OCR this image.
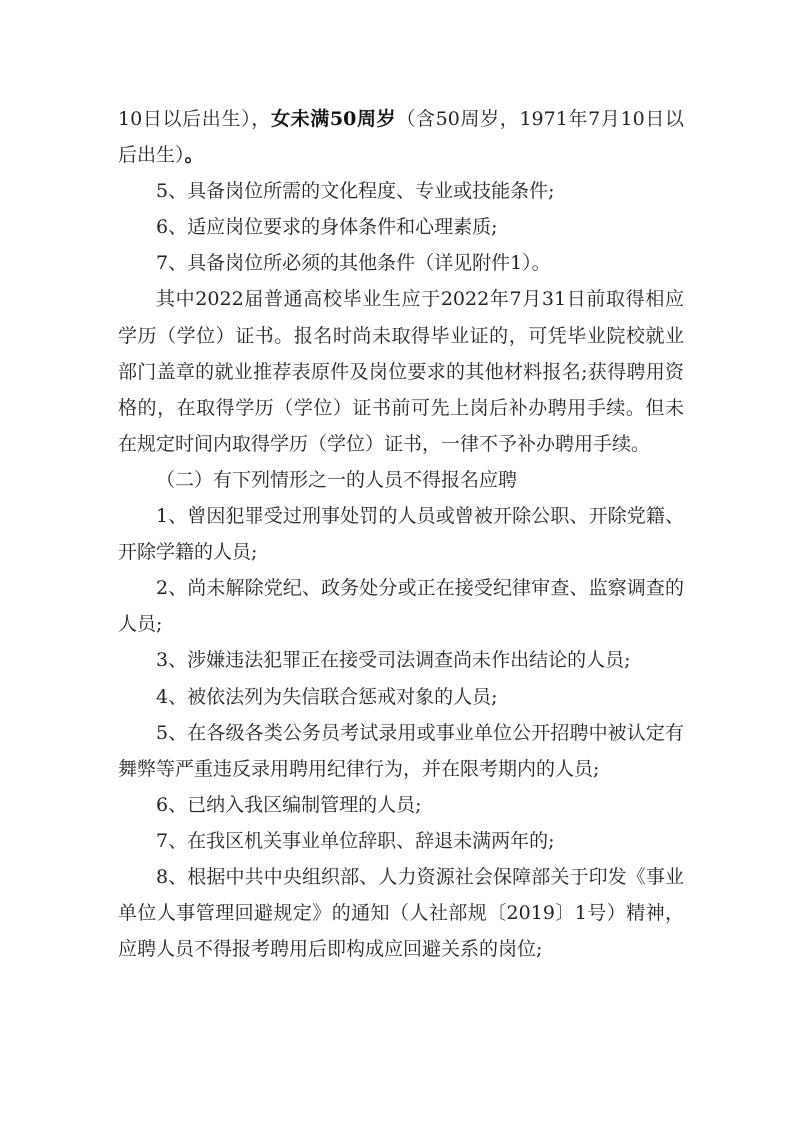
10日以后出生），女未满50周岁（含50周岁，1971年7月10日以后出生）。

5、具备岗位所需的文化程度、专业或技能条件;

6、适应岗位要求的身体条件和心理素质;

7、具备岗位所必须的其他条件（详见附件1）。

其中2022届普通高校毕业生应于2022年7月31日前取得相应学历（学位）证书。报名时尚未取得毕业证的，可凭毕业院校就业部门盖章的就业推荐表原件及岗位要求的其他材料报名;获得聘用资格的，在取得学历（学位）证书前可先上岗后补办聘用手续。但未在规定时间内取得学历（学位）证书，一律不予补办聘用手续。

（二）有下列情形之一的人员不得报名应聘

1、曾因犯罪受过刑事处罚的人员或曾被开除公职、开除党籍、开除学籍的人员;

2、尚未解除党纪、政务处分或正在接受纪律审查、监察调查的人员;

3、涉嫌违法犯罪正在接受司法调查尚未作出结论的人员;

4、被依法列为失信联合惩戒对象的人员;

5、在各级各类公务员考试录用或事业单位公开招聘中被认定有舞弊等严重违反录用聘用纪律行为，并在限考期内的人员;

6、已纳入我区编制管理的人员;

7、在我区机关事业单位辞职、辞退未满两年的;

8、根据中共中央组织部、人力资源社会保障部关于印发《事业单位人事管理回避规定》的通知（人社部规〔2019〕1号）精神，应聘人员不得报考聘用后即构成应回避关系的岗位;
